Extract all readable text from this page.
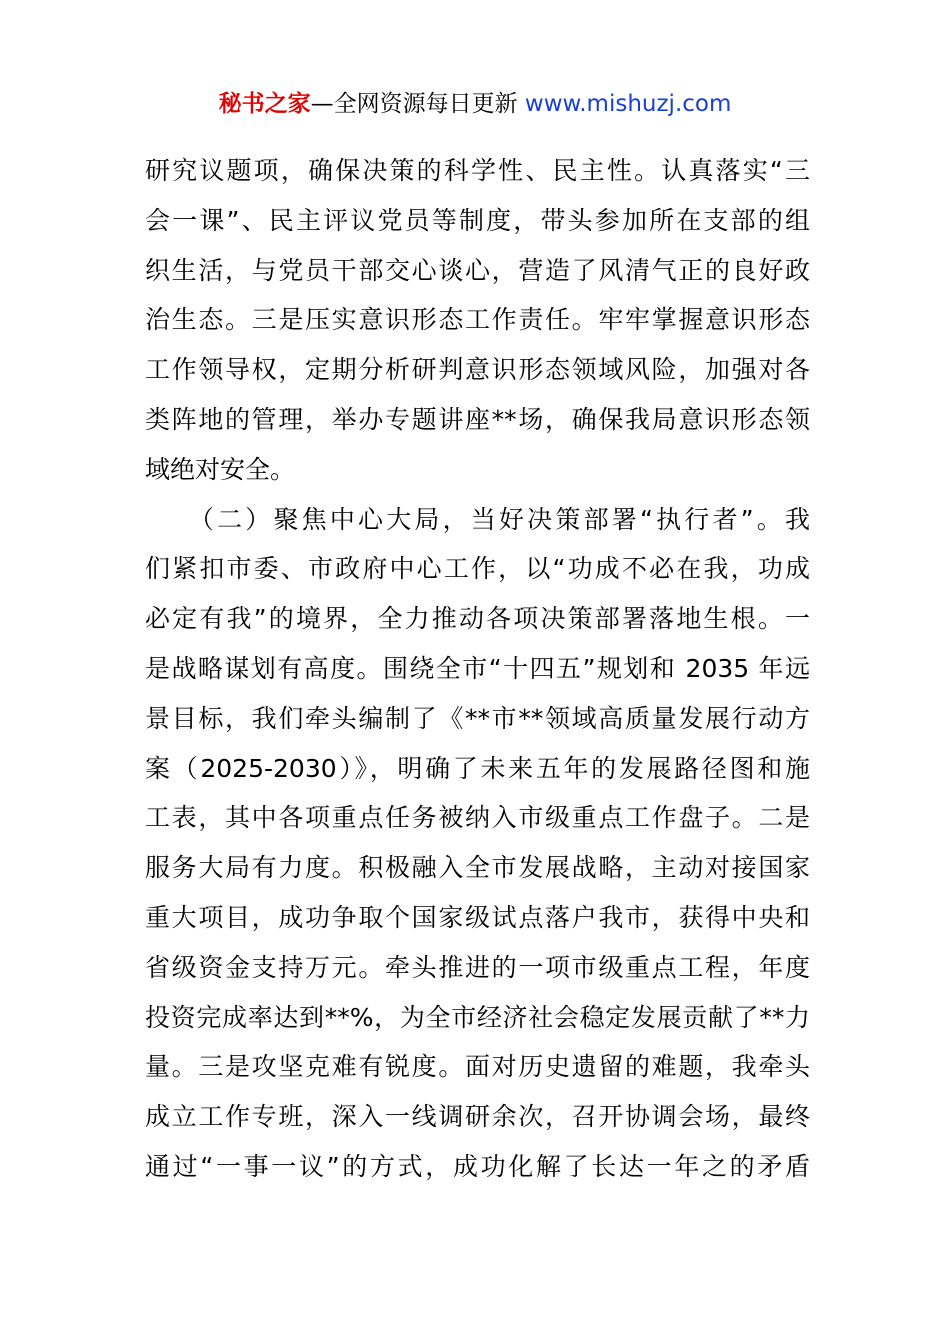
秘书之家—全网资源每日更新 www.mishuzj.com
研究议题项，确保决策的科学性、民主性。认真落实“三
会一课”、民主评议党员等制度，带头参加所在支部的组
织生活，与党员干部交心谈心，营造了风清气正的良好政
治生态。三是压实意识形态工作责任。牢牢掌握意识形态
工作领导权，定期分析研判意识形态领域风险，加强对各
类阵地的管理，举办专题讲座**场，确保我局意识形态领
域绝对安全。
　　（二）聚焦中心大局，当好决策部署“执行者”。我
们紧扣市委、市政府中心工作，以“功成不必在我，功成
必定有我”的境界，全力推动各项决策部署落地生根。一
是战略谋划有高度。围绕全市“十四五”规划和 2035 年远
景目标，我们牵头编制了《**市**领域高质量发展行动方
案（2025-2030）》，明确了未来五年的发展路径图和施
工表，其中各项重点任务被纳入市级重点工作盘子。二是
服务大局有力度。积极融入全市发展战略，主动对接国家
重大项目，成功争取个国家级试点落户我市，获得中央和
省级资金支持万元。牵头推进的一项市级重点工程，年度
投资完成率达到**%，为全市经济社会稳定发展贡献了**力
量。三是攻坚克难有锐度。面对历史遗留的难题，我牵头
成立工作专班，深入一线调研余次，召开协调会场，最终
通过“一事一议”的方式，成功化解了长达一年之的矛盾
